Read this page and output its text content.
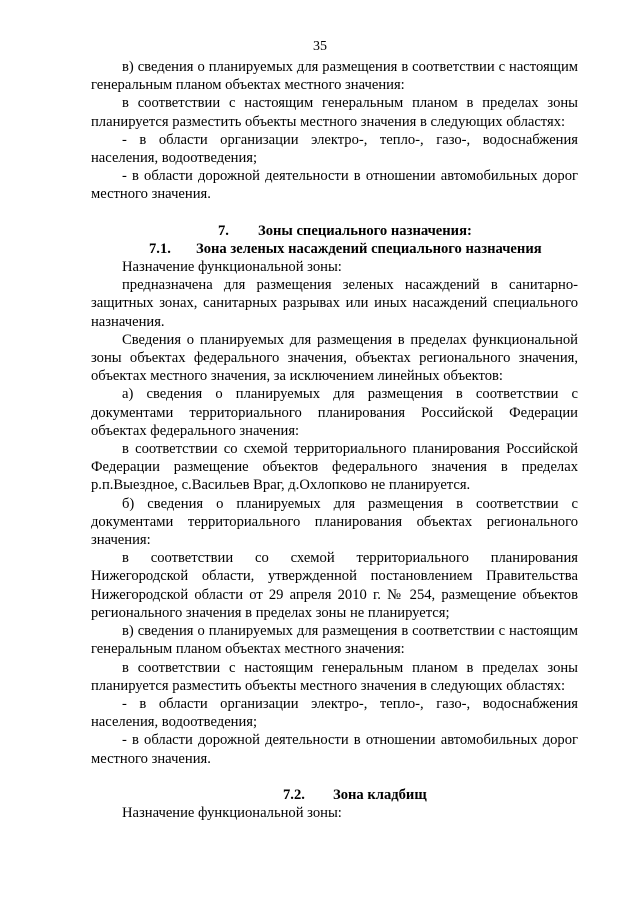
35

в) сведения о планируемых для размещения в соответствии с настоящим генеральным планом объектах местного значения:

в соответствии с настоящим генеральным планом в пределах зоны планируется разместить объекты местного значения в следующих областях:

- в области организации электро-, тепло-, газо-, водоснабжения населения, водоотведения;

- в области дорожной деятельности в отношении автомобильных дорог местного значения.

7. Зоны специального назначения:

7.1. Зона зеленых насаждений специального назначения

Назначение функциональной зоны:

предназначена для размещения зеленых насаждений в санитарно-защитных зонах, санитарных разрывах или иных насаждений специального назначения.

Сведения о планируемых для размещения в пределах функциональной зоны объектах федерального значения, объектах регионального значения, объектах местного значения, за исключением линейных объектов:

а) сведения о планируемых для размещения в соответствии с документами территориального планирования Российской Федерации объектах федерального значения:

в соответствии со схемой территориального планирования Российской Федерации размещение объектов федерального значения в пределах р.п.Выездное, с.Васильев Враг, д.Охлопково не планируется.

б) сведения о планируемых для размещения в соответствии с документами территориального планирования объектах регионального значения:

в соответствии со схемой территориального планирования Нижегородской области, утвержденной постановлением Правительства Нижегородской области от 29 апреля 2010 г. № 254, размещение объектов регионального значения в пределах зоны не планируется;

в) сведения о планируемых для размещения в соответствии с настоящим генеральным планом объектах местного значения:

в соответствии с настоящим генеральным планом в пределах зоны планируется разместить объекты местного значения в следующих областях:

- в области организации электро-, тепло-, газо-, водоснабжения населения, водоотведения;

- в области дорожной деятельности в отношении автомобильных дорог местного значения.

7.2. Зона кладбищ

Назначение функциональной зоны:
